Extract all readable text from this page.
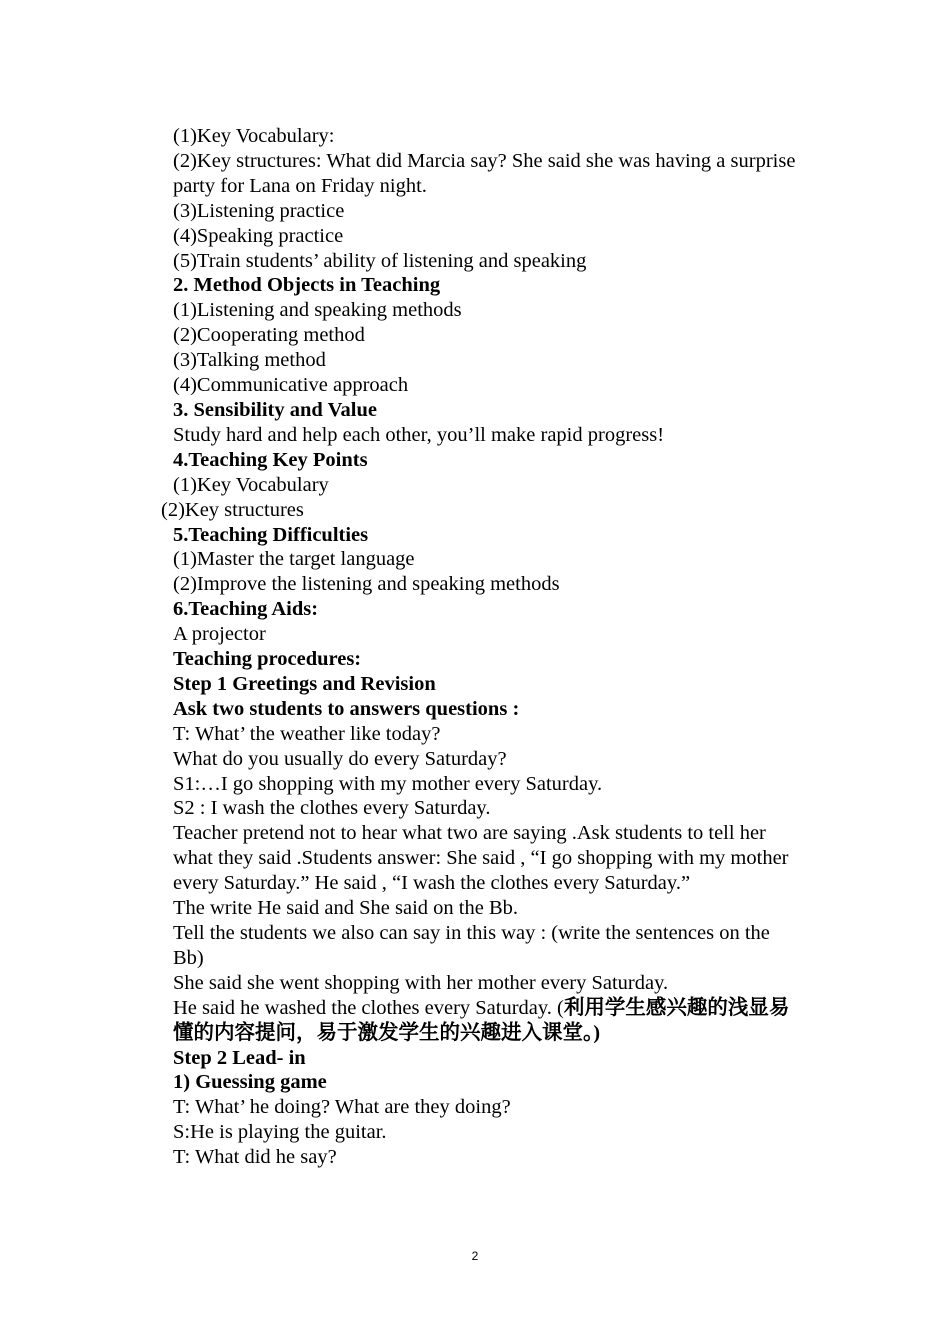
(1)Key Vocabulary:
(2)Key structures: What did Marcia say? She said she was having a surprise party for Lana on Friday night.
(3)Listening practice
(4)Speaking practice
(5)Train students’ ability of listening and speaking
2. Method Objects in Teaching
(1)Listening and speaking methods
(2)Cooperating method
(3)Talking method
(4)Communicative approach
3. Sensibility and Value
Study hard and help each other, you’ll make rapid progress!
4.Teaching Key Points
(1)Key Vocabulary
(2)Key structures
5.Teaching Difficulties
(1)Master the target language
(2)Improve the listening and speaking methods
6.Teaching Aids:
A projector
Teaching procedures:
Step 1 Greetings and Revision
Ask two students to answers questions :
T: What’ the weather like today?
What do you usually do every Saturday?
S1:…I go shopping with my mother every Saturday.
S2 : I wash the clothes every Saturday.
Teacher pretend not to hear what two are saying .Ask students to tell her what they said .Students answer: She said , “I go shopping with my mother every Saturday.” He said , “I wash the clothes every Saturday.”
The write He said and She said on the Bb.
Tell the students we also can say in this way : (write the sentences on the Bb)
She said she went shopping with her mother every Saturday.
He said he washed the clothes every Saturday. (利用学生感兴趣的浅显易懂的内容提问，易于激发学生的兴趣进入课堂。)
Step 2 Lead- in
1) Guessing game
T: What’ he doing? What are they doing?
S:He is playing the guitar.
T: What did he say?
2
